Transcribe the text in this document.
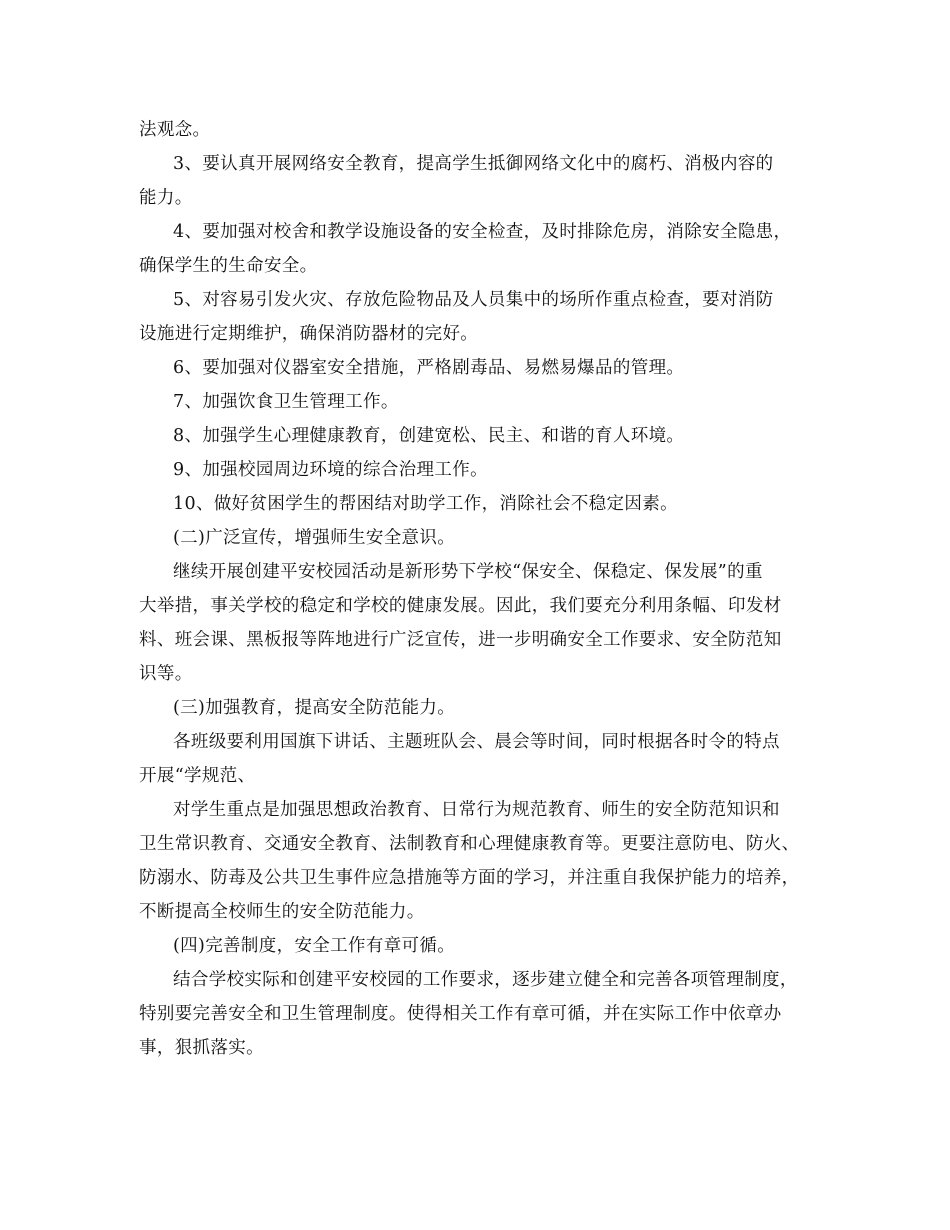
法观念。
3、要认真开展网络安全教育，提高学生抵御网络文化中的腐朽、消极内容的
能力。
4、要加强对校舍和教学设施设备的安全检查，及时排除危房，消除安全隐患，
确保学生的生命安全。
5、对容易引发火灾、存放危险物品及人员集中的场所作重点检查，要对消防
设施进行定期维护，确保消防器材的完好。
6、要加强对仪器室安全措施，严格剧毒品、易燃易爆品的管理。
7、加强饮食卫生管理工作。
8、加强学生心理健康教育，创建宽松、民主、和谐的育人环境。
9、加强校园周边环境的综合治理工作。
10、做好贫困学生的帮困结对助学工作，消除社会不稳定因素。
(二)广泛宣传，增强师生安全意识。
继续开展创建平安校园活动是新形势下学校“保安全、保稳定、保发展”的重
大举措，事关学校的稳定和学校的健康发展。因此，我们要充分利用条幅、印发材
料、班会课、黑板报等阵地进行广泛宣传，进一步明确安全工作要求、安全防范知
识等。
(三)加强教育，提高安全防范能力。
各班级要利用国旗下讲话、主题班队会、晨会等时间，同时根据各时令的特点
开展“学规范、
对学生重点是加强思想政治教育、日常行为规范教育、师生的安全防范知识和
卫生常识教育、交通安全教育、法制教育和心理健康教育等。更要注意防电、防火、
防溺水、防毒及公共卫生事件应急措施等方面的学习，并注重自我保护能力的培养，
不断提高全校师生的安全防范能力。
(四)完善制度，安全工作有章可循。
结合学校实际和创建平安校园的工作要求，逐步建立健全和完善各项管理制度，
特别要完善安全和卫生管理制度。使得相关工作有章可循，并在实际工作中依章办
事，狠抓落实。
